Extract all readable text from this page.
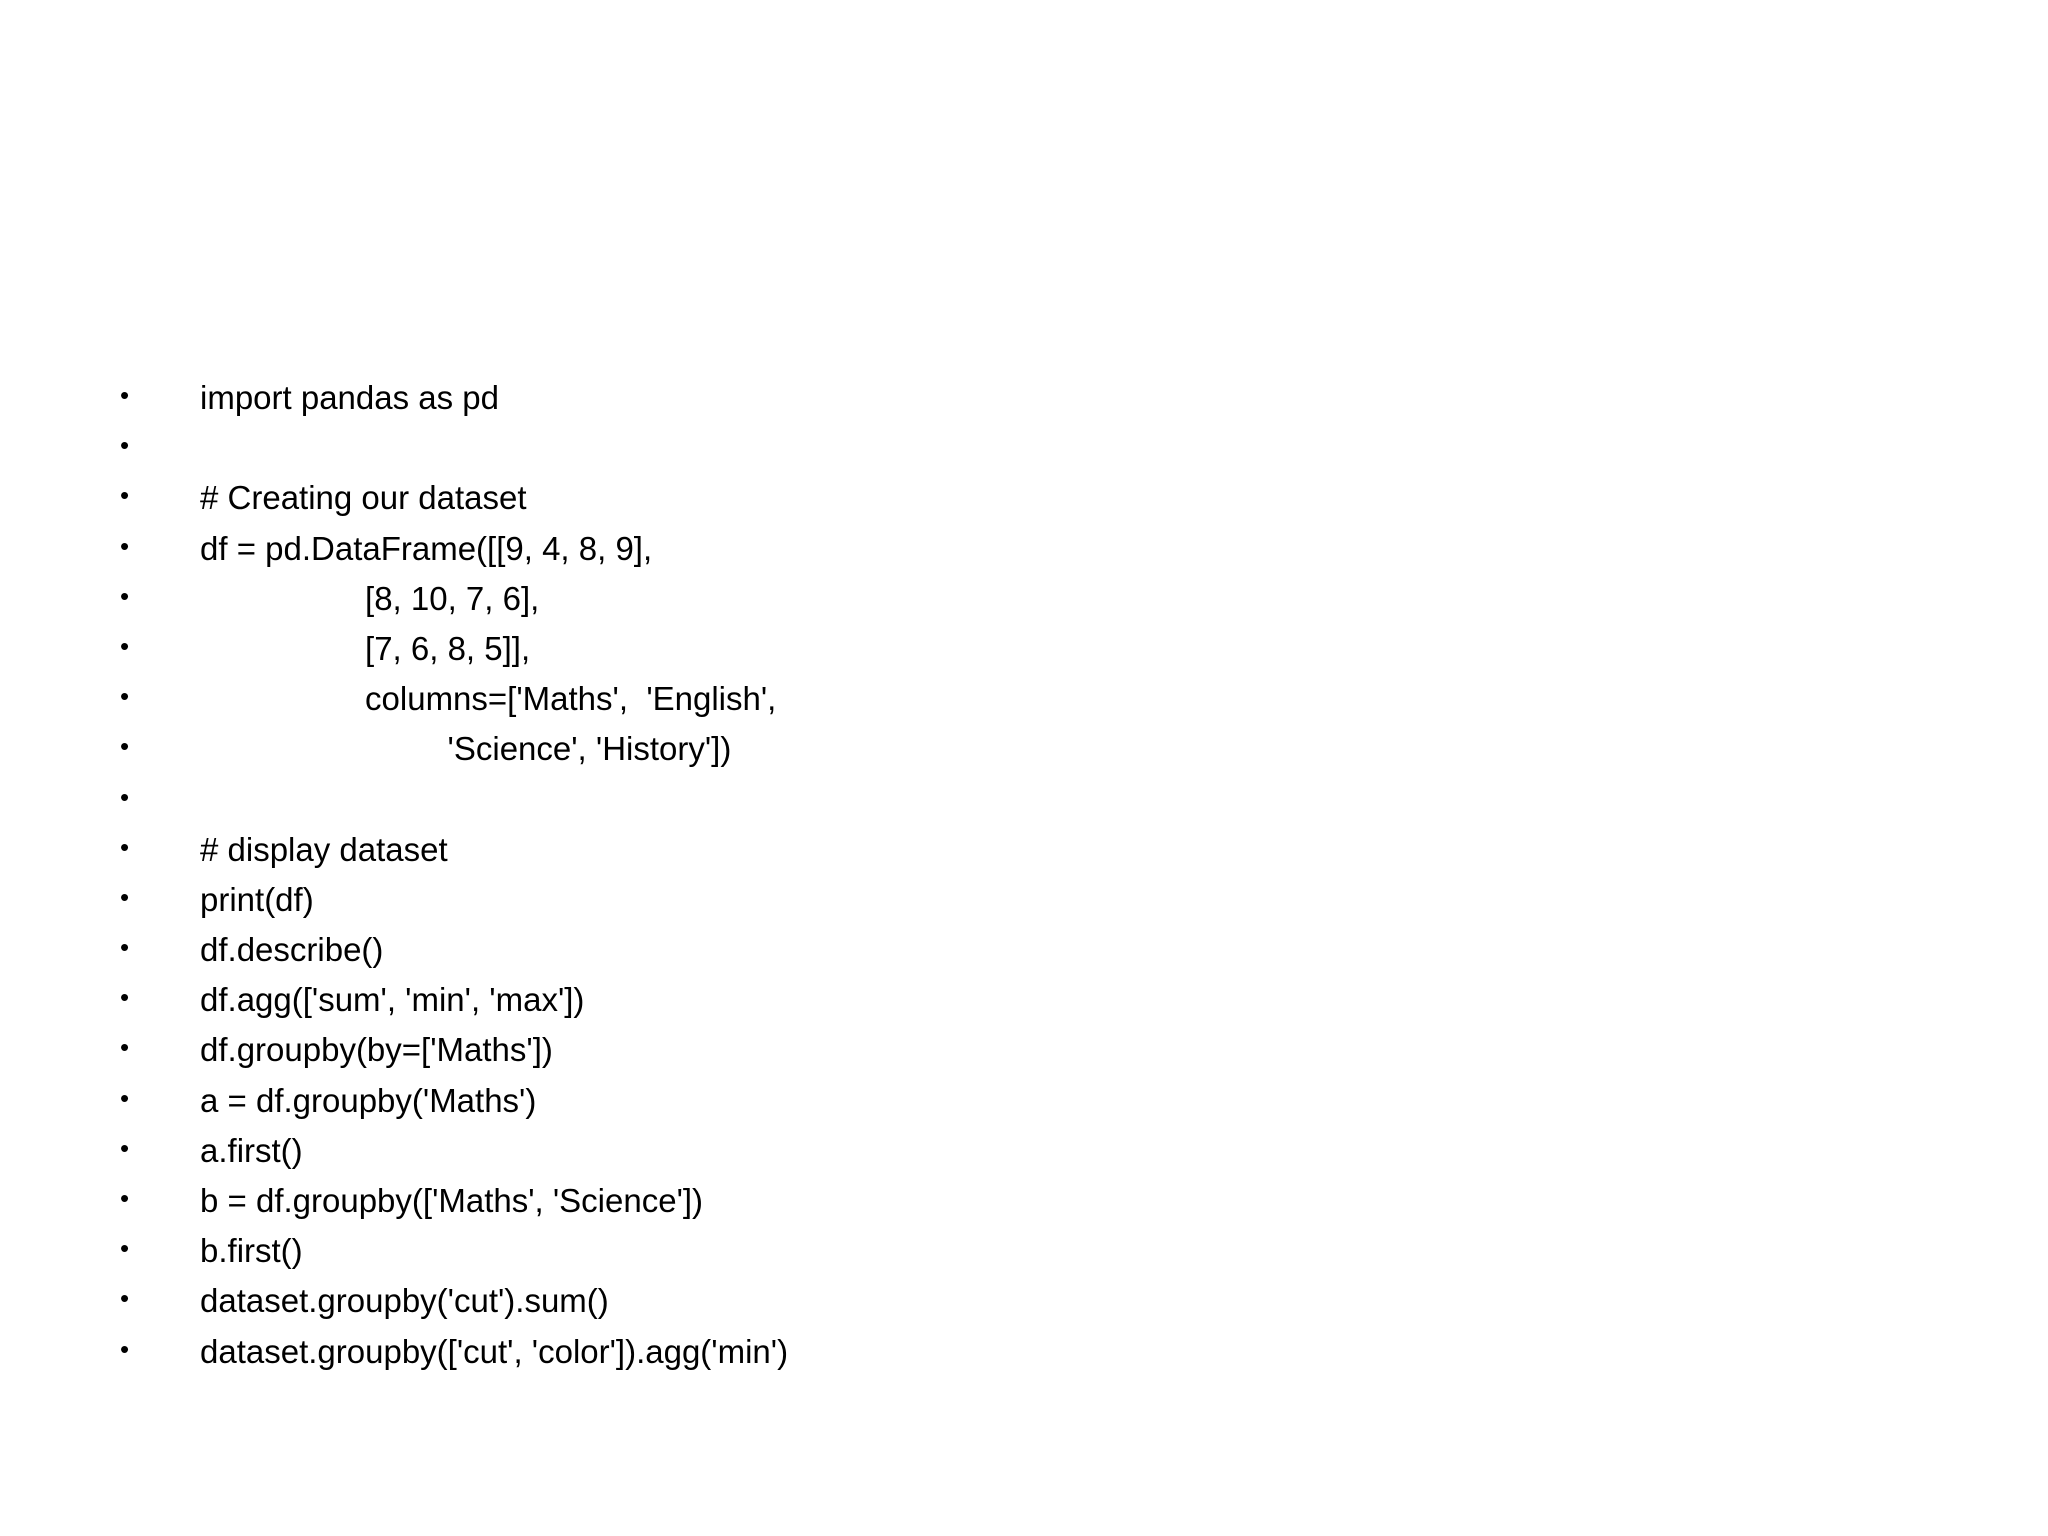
•	import pandas as pd
•
•	# Creating our dataset
•	df = pd.DataFrame([[9, 4, 8, 9],
•	[8, 10, 7, 6],
•	[7, 6, 8, 5]],
•	columns=['Maths',  'English',
•	'Science', 'History'])
•
•	# display dataset
•	print(df)
•	df.describe()
•	df.agg(['sum', 'min', 'max'])
•	df.groupby(by=['Maths'])
•	a = df.groupby('Maths')
•	a.first()
•	b = df.groupby(['Maths', 'Science'])
•	b.first()
•	dataset.groupby('cut').sum()
•	dataset.groupby(['cut', 'color']).agg('min')
